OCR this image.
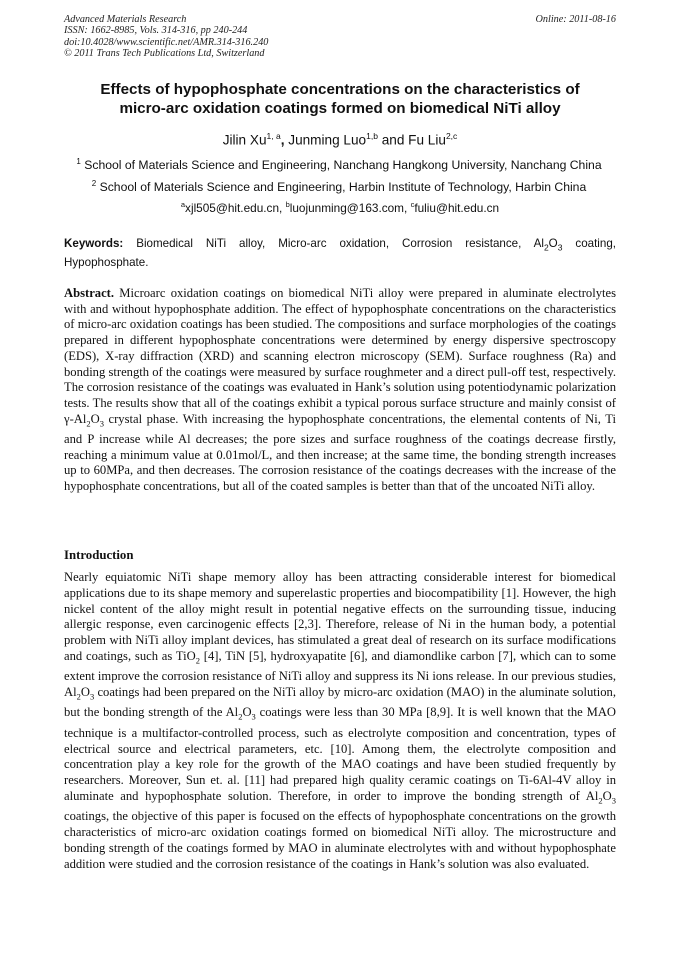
Advanced Materials Research
ISSN: 1662-8985, Vols. 314-316, pp 240-244
doi:10.4028/www.scientific.net/AMR.314-316.240
© 2011 Trans Tech Publications Ltd, Switzerland
Online: 2011-08-16
Effects of hypophosphate concentrations on the characteristics of
micro-arc oxidation coatings formed on biomedical NiTi alloy
Jilin Xu$^{1, a}$, Junming Luo$^{1,b}$ and Fu Liu$^{2,c}$
$^1$ School of Materials Science and Engineering, Nanchang Hangkong University, Nanchang China
$^2$ School of Materials Science and Engineering, Harbin Institute of Technology, Harbin China
$^a$xjl505@hit.edu.cn, $^b$luojunming@163.com, $^c$fuliu@hit.edu.cn
Keywords: Biomedical NiTi alloy, Micro-arc oxidation, Corrosion resistance, $Al_2O_3$ coating, Hypophosphate.
Abstract. Microarc oxidation coatings on biomedical NiTi alloy were prepared in aluminate electrolytes with and without hypophosphate addition. The effect of hypophosphate concentrations on the characteristics of micro-arc oxidation coatings has been studied. The compositions and surface morphologies of the coatings prepared in different hypophosphate concentrations were determined by energy dispersive spectroscopy (EDS), X-ray diffraction (XRD) and scanning electron microscopy (SEM). Surface roughness (Ra) and bonding strength of the coatings were measured by surface roughmeter and a direct pull-off test, respectively. The corrosion resistance of the coatings was evaluated in Hank’s solution using potentiodynamic polarization tests. The results show that all of the coatings exhibit a typical porous surface structure and mainly consist of $\gamma-Al_2O_3$ crystal phase. With increasing the hypophosphate concentrations, the elemental contents of Ni, Ti and P increase while Al decreases; the pore sizes and surface roughness of the coatings decrease firstly, reaching a minimum value at 0.01mol/L, and then increase; at the same time, the bonding strength increases up to 60MPa, and then decreases. The corrosion resistance of the coatings decreases with the increase of the hypophosphate concentrations, but all of the coated samples is better than that of the uncoated NiTi alloy.
Introduction
Nearly equiatomic NiTi shape memory alloy has been attracting considerable interest for biomedical applications due to its shape memory and superelastic properties and biocompatibility [1]. However, the high nickel content of the alloy might result in potential negative effects on the surrounding tissue, inducing allergic response, even carcinogenic effects [2,3]. Therefore, release of Ni in the human body, a potential problem with NiTi alloy implant devices, has stimulated a great deal of research on its surface modifications and coatings, such as TiO$_2$ [4], TiN [5], hydroxyapatite [6], and diamondlike carbon [7], which can to some extent improve the corrosion resistance of NiTi alloy and suppress its Ni ions release. In our previous studies, $Al_2O_3$ coatings had been prepared on the NiTi alloy by micro-arc oxidation (MAO) in the aluminate solution, but the bonding strength of the $Al_2O_3$ coatings were less than 30 MPa [8,9]. It is well known that the MAO technique is a multifactor-controlled process, such as electrolyte composition and concentration, types of electrical source and electrical parameters, etc. [10]. Among them, the electrolyte composition and concentration play a key role for the growth of the MAO coatings and have been studied frequently by researchers. Moreover, Sun et. al. [11] had prepared high quality ceramic coatings on Ti-6Al-4V alloy in aluminate and hypophosphate solution. Therefore, in order to improve the bonding strength of $Al_2O_3$ coatings, the objective of this paper is focused on the effects of hypophosphate concentrations on the growth characteristics of micro-arc oxidation coatings formed on biomedical NiTi alloy. The microstructure and bonding strength of the coatings formed by MAO in aluminate electrolytes with and without hypophosphate addition were studied and the corrosion resistance of the coatings in Hank’s solution was also evaluated.
